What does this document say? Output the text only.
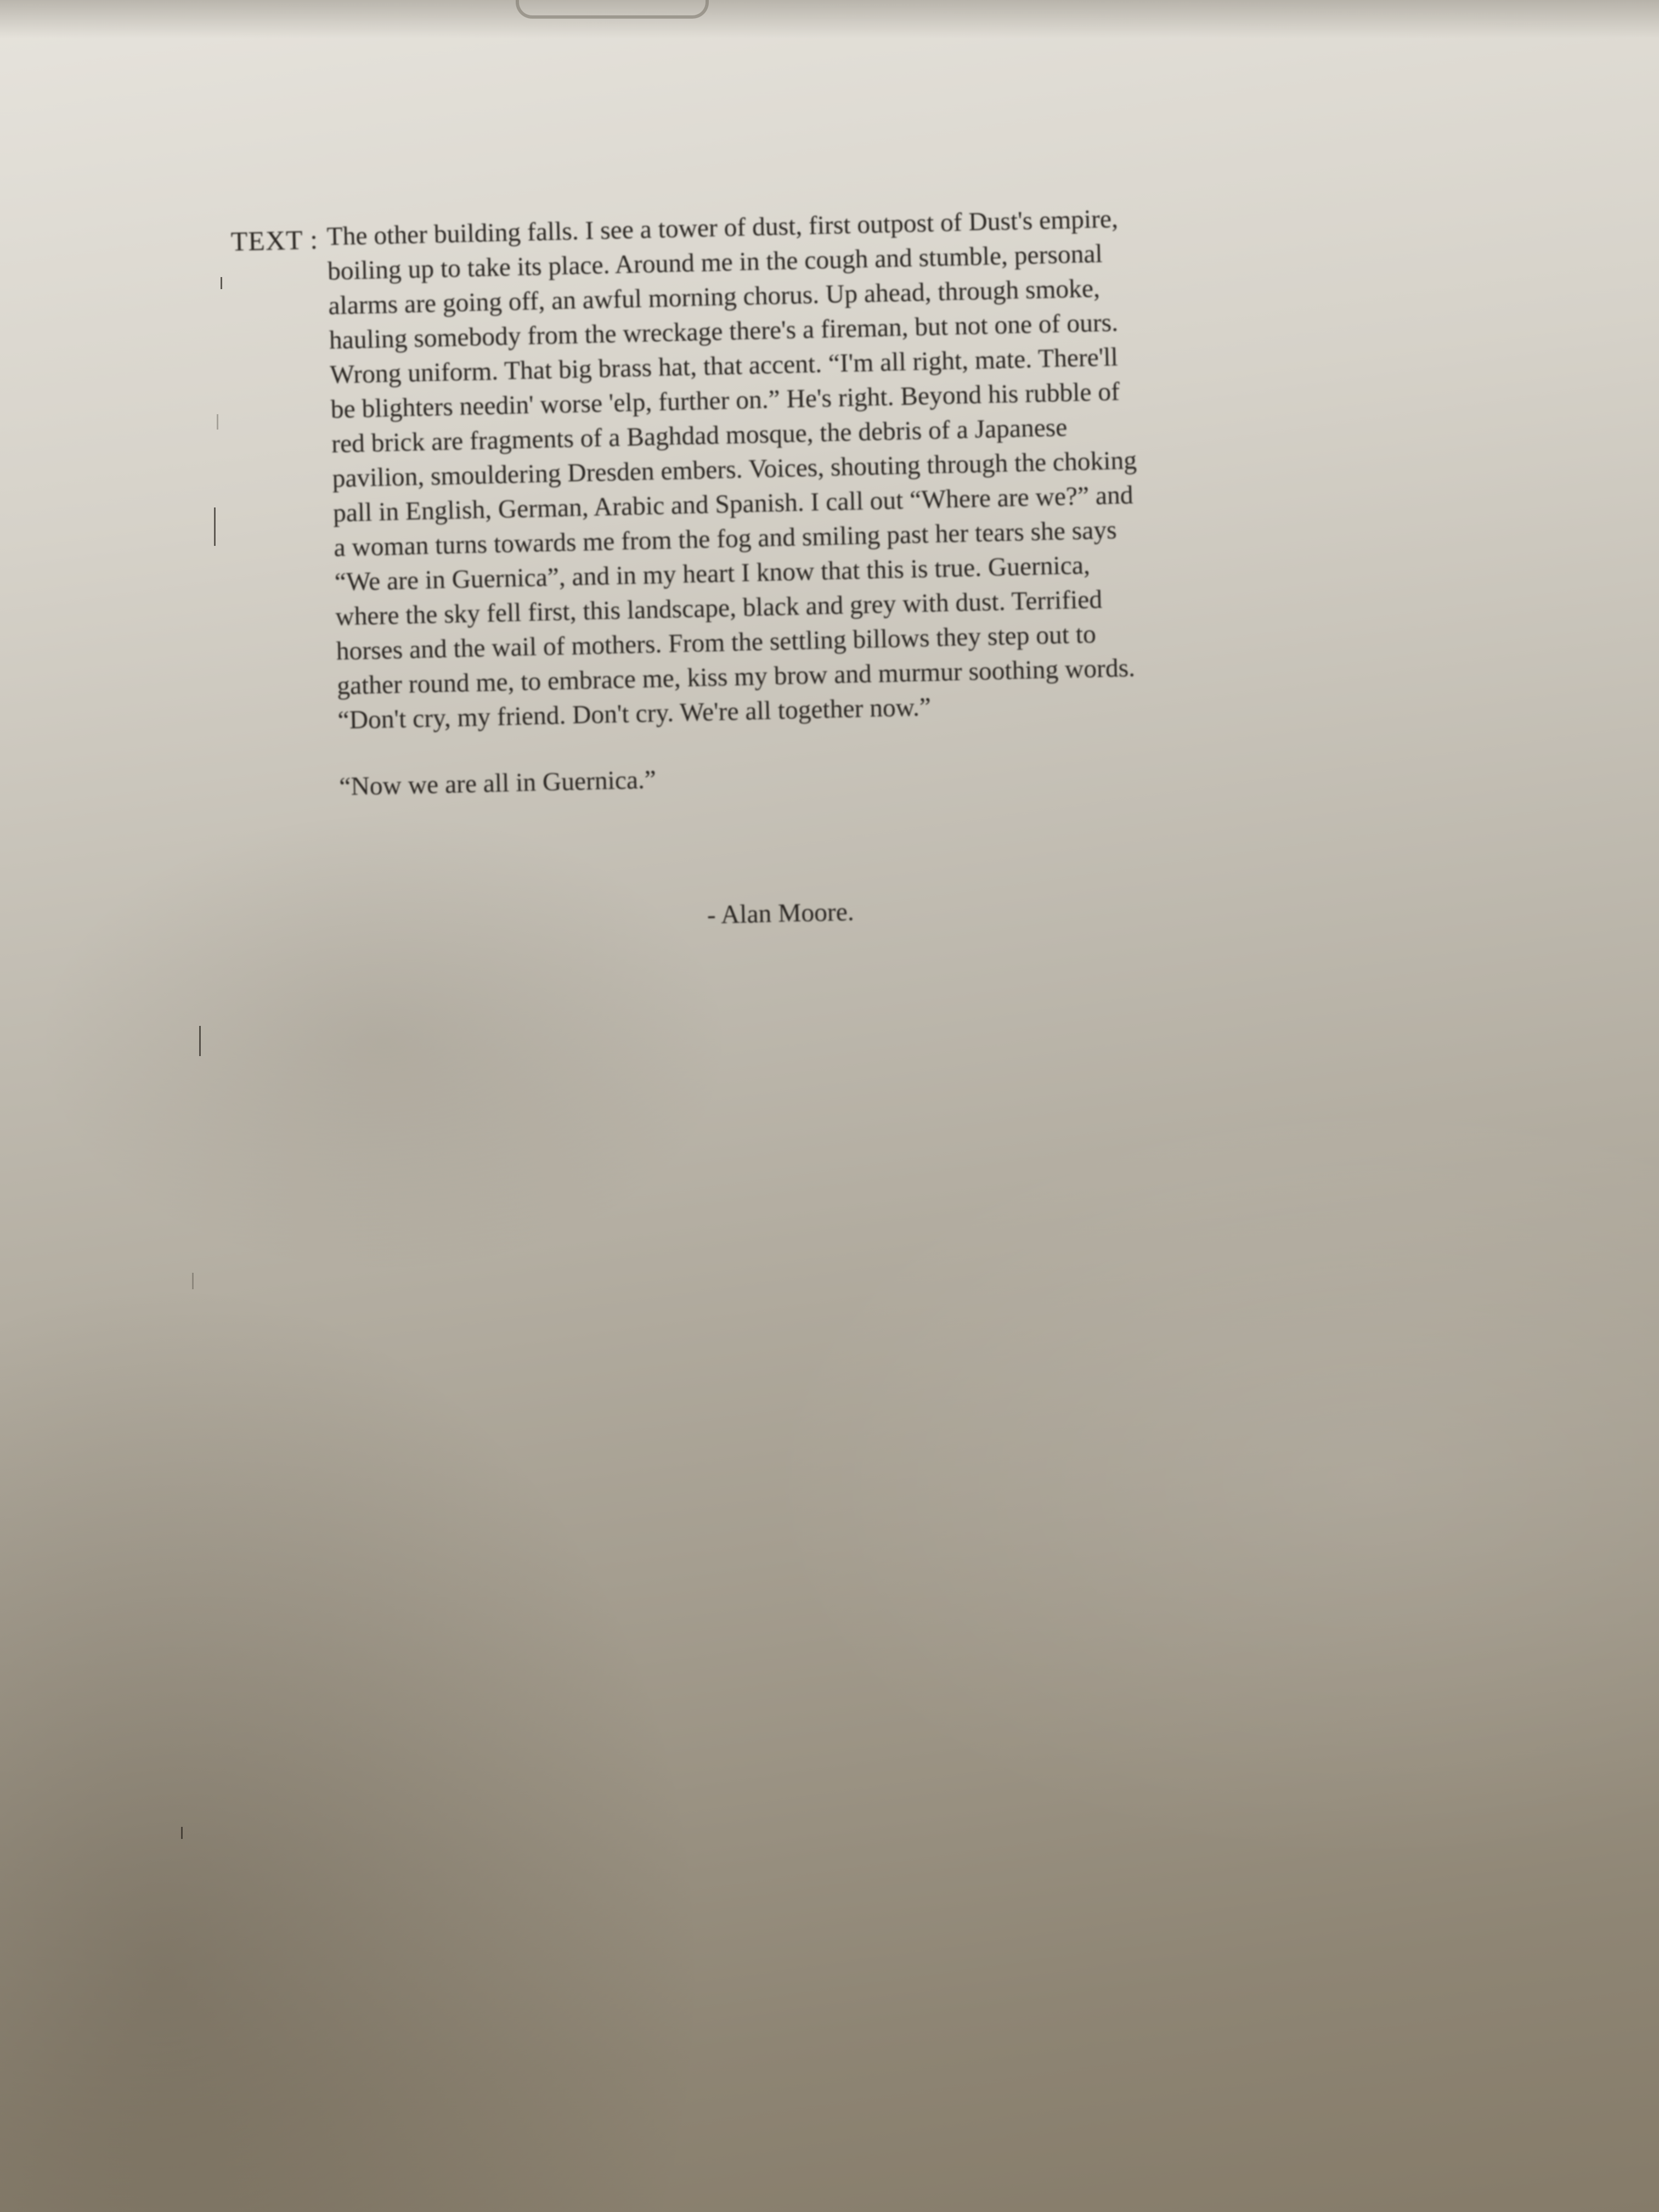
TEXT : The other building falls. I see a tower of dust, first outpost of Dust's empire,
boiling up to take its place. Around me in the cough and stumble, personal
alarms are going off, an awful morning chorus. Up ahead, through smoke,
hauling somebody from the wreckage there's a fireman, but not one of ours.
Wrong uniform. That big brass hat, that accent. “I'm all right, mate. There'll
be blighters needin' worse 'elp, further on.” He's right. Beyond his rubble of
red brick are fragments of a Baghdad mosque, the debris of a Japanese
pavilion, smouldering Dresden embers. Voices, shouting through the choking
pall in English, German, Arabic and Spanish. I call out “Where are we?” and
a woman turns towards me from the fog and smiling past her tears she says
“We are in Guernica”, and in my heart I know that this is true. Guernica,
where the sky fell first, this landscape, black and grey with dust. Terrified
horses and the wail of mothers. From the settling billows they step out to
gather round me, to embrace me, kiss my brow and murmur soothing words.
“Don't cry, my friend. Don't cry. We're all together now.”
“Now we are all in Guernica.”
- Alan Moore.
